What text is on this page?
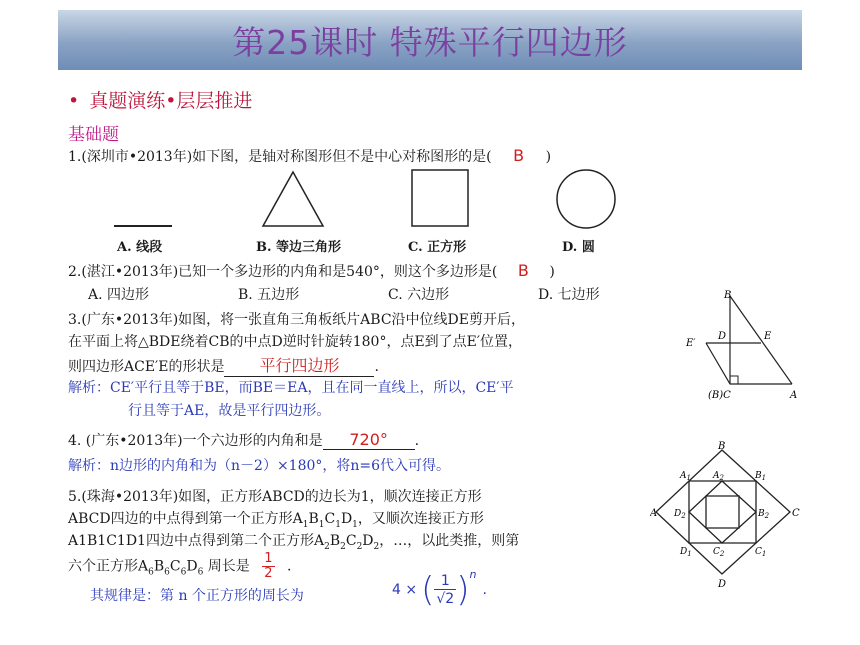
第25课时 特殊平行四边形
• 真题演练•层层推进
基础题
1.(深圳市•2013年)如下图，是轴对称图形但不是中心对称图形的是( B )
A. 线段	B. 等边三角形	C. 正方形	D. 圆
2.(湛江•2013年)已知一个多边形的内角和是540°，则这个多边形是( B )
A. 四边形	B. 五边形	C. 六边形	D. 七边形
3.(广东•2013年)如图，将一张直角三角板纸片ABC沿中位线DE剪开后，
在平面上将△BDE绕着CB的中点D逆时针旋转180°，点E到了点E′位置，
则四边形ACE′E的形状是 平行四边形	.
解析：CE′平行且等于BE，而BE＝EA，且在同一直线上，所以，CE′平
行且等于AE，故是平行四边形。
B
D	E
E′
(B)C	A
4. (广东•2013年)一个六边形的内角和是 720° .
解析：n边形的内角和为（n－2）×180°，将n=6代入可得。
5.(珠海•2013年)如图，正方形ABCD的边长为1，顺次连接正方形
ABCD四边的中点得到第一个正方形$A_1B_1C_1D_1$，又顺次连接正方形
A1B1C1D1四边中点得到第二个正方形$A_2B_2C_2D_2$，…，以此类推，则第
六个正方形$A_6B_6C_6D_6$ 周长是 $\frac{1}{2}$ .
其规律是：第 n 个正方形的周长为	4 × ( $\frac{1}{√2}$ ) n
.
B
C
D
A
$A_1$	$B_1$
$C_1$
$D_1$
$A_2$
$B_2$
$C_2$
$D_2$
